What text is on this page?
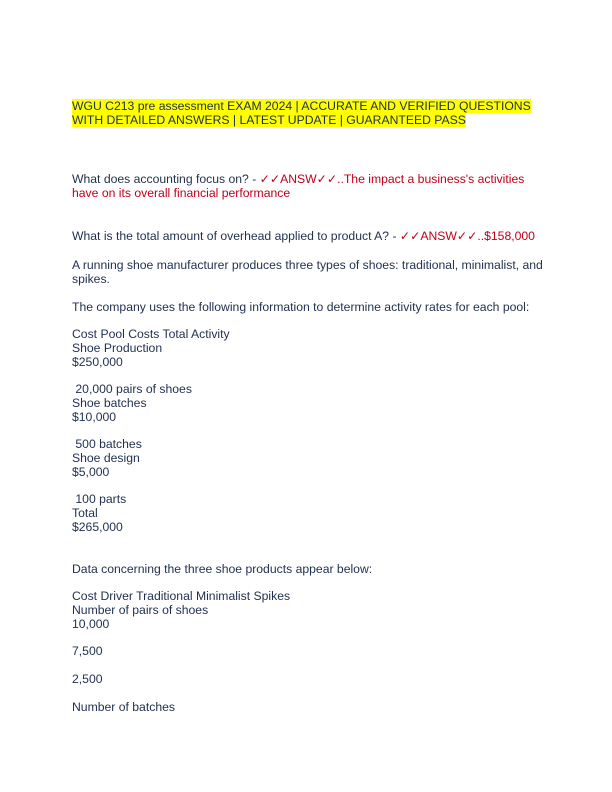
WGU C213 pre assessment EXAM 2024 | ACCURATE AND VERIFIED QUESTIONS
WITH DETAILED ANSWERS | LATEST UPDATE | GUARANTEED PASS
What does accounting focus on? - ✓✓ANSW✓✓..The impact a business's activities
have on its overall financial performance
What is the total amount of overhead applied to product A? - ✓✓ANSW✓✓..$158,000
A running shoe manufacturer produces three types of shoes: traditional, minimalist, and
spikes.
The company uses the following information to determine activity rates for each pool:
Cost Pool Costs Total Activity
Shoe Production
$250,000
20,000 pairs of shoes
Shoe batches
$10,000
500 batches
Shoe design
$5,000
100 parts
Total
$265,000
Data concerning the three shoe products appear below:
Cost Driver Traditional Minimalist Spikes
Number of pairs of shoes
10,000
7,500
2,500
Number of batches
